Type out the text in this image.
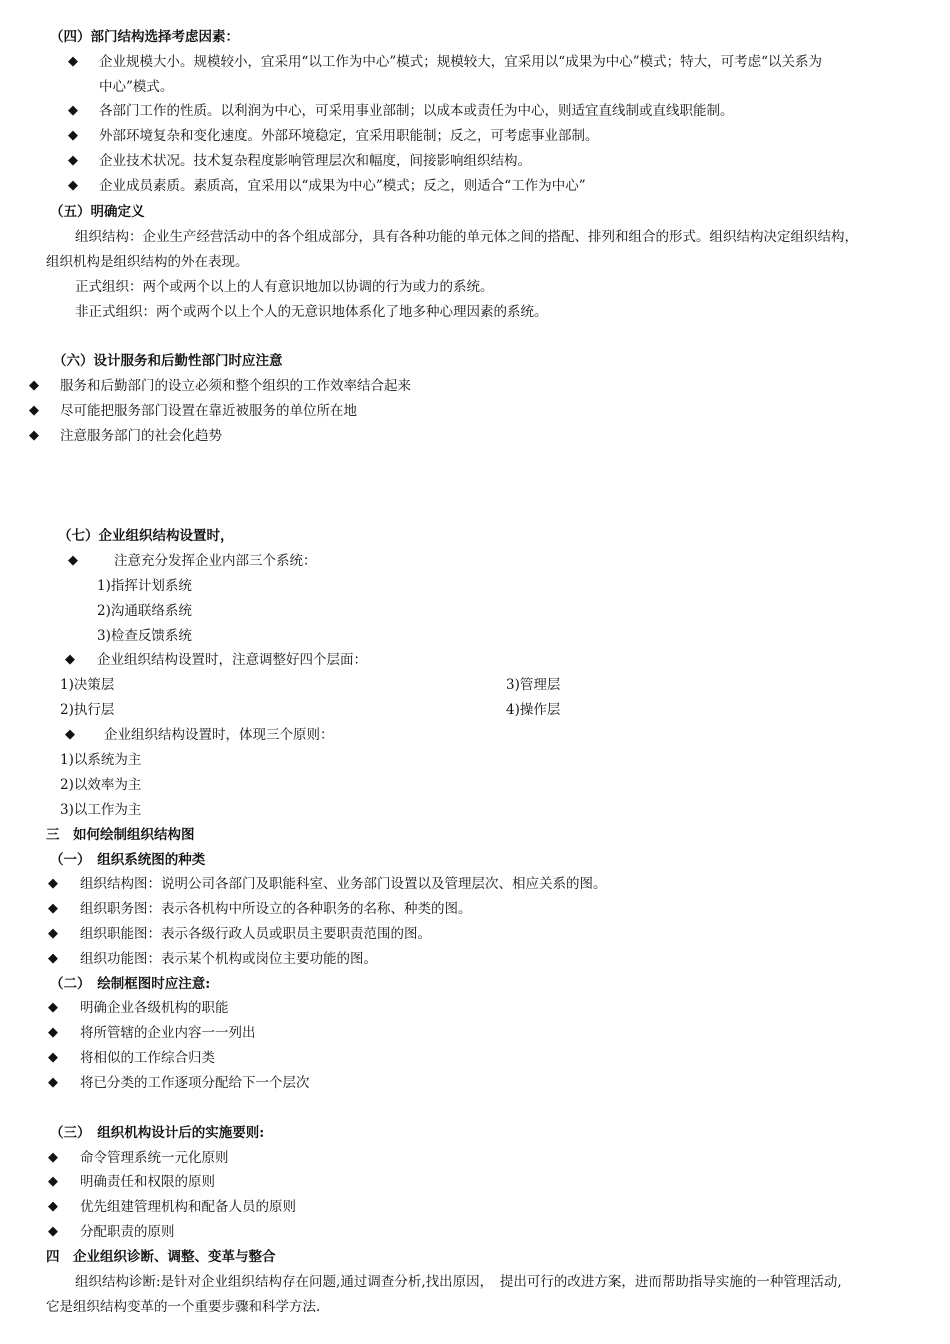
（四）部门结构选择考虑因素：
◆ 企业规模大小。规模较小，宜采用“以工作为中心”模式；规模较大，宜采用以“成果为中心”模式；特大，可考虑“以关系为
中心”模式。
◆ 各部门工作的性质。以利润为中心，可采用事业部制；以成本或责任为中心，则适宜直线制或直线职能制。
◆ 外部环境复杂和变化速度。外部环境稳定，宜采用职能制；反之，可考虑事业部制。
◆ 企业技术状况。技术复杂程度影响管理层次和幅度，间接影响组织结构。
◆ 企业成员素质。素质高，宜采用以“成果为中心”模式；反之，则适合“工作为中心”
（五）明确定义
组织结构：企业生产经营活动中的各个组成部分，具有各种功能的单元体之间的搭配、排列和组合的形式。组织结构决定组织结构，
组织机构是组织结构的外在表现。
正式组织：两个或两个以上的人有意识地加以协调的行为或力的系统。
非正式组织：两个或两个以上个人的无意识地体系化了地多种心理因素的系统。
（六）设计服务和后勤性部门时应注意
◆ 服务和后勤部门的设立必须和整个组织的工作效率结合起来
◆ 尽可能把服务部门设置在靠近被服务的单位所在地
◆ 注意服务部门的社会化趋势
（七）企业组织结构设置时，
◆	注意充分发挥企业内部三个系统：
1)指挥计划系统
2)沟通联络系统
3)检查反馈系统
◆ 企业组织结构设置时，注意调整好四个层面：
1)决策层	3)管理层
2)执行层	4)操作层
◆ 企业组织结构设置时，体现三个原则：
1)以系统为主
2)以效率为主
3)以工作为主
三　如何绘制组织结构图
（一）　组织系统图的种类
◆ 组织结构图：说明公司各部门及职能科室、业务部门设置以及管理层次、相应关系的图。
◆ 组织职务图：表示各机构中所设立的各种职务的名称、种类的图。
◆ 组织职能图：表示各级行政人员或职员主要职责范围的图。
◆ 组织功能图：表示某个机构或岗位主要功能的图。
（二）　绘制框图时应注意:
◆ 明确企业各级机构的职能
◆ 将所管辖的企业内容一一列出
◆ 将相似的工作综合归类
◆ 将已分类的工作逐项分配给下一个层次
（三）　组织机构设计后的实施要则:
◆ 命令管理系统一元化原则
◆ 明确责任和权限的原则
◆ 优先组建管理机构和配备人员的原则
◆ 分配职责的原则
四　企业组织诊断、调整、变革与整合
组织结构诊断:是针对企业组织结构存在问题,通过调查分析,找出原因，　提出可行的改进方案，进而帮助指导实施的一种管理活动,
它是组织结构变革的一个重要步骤和科学方法.
